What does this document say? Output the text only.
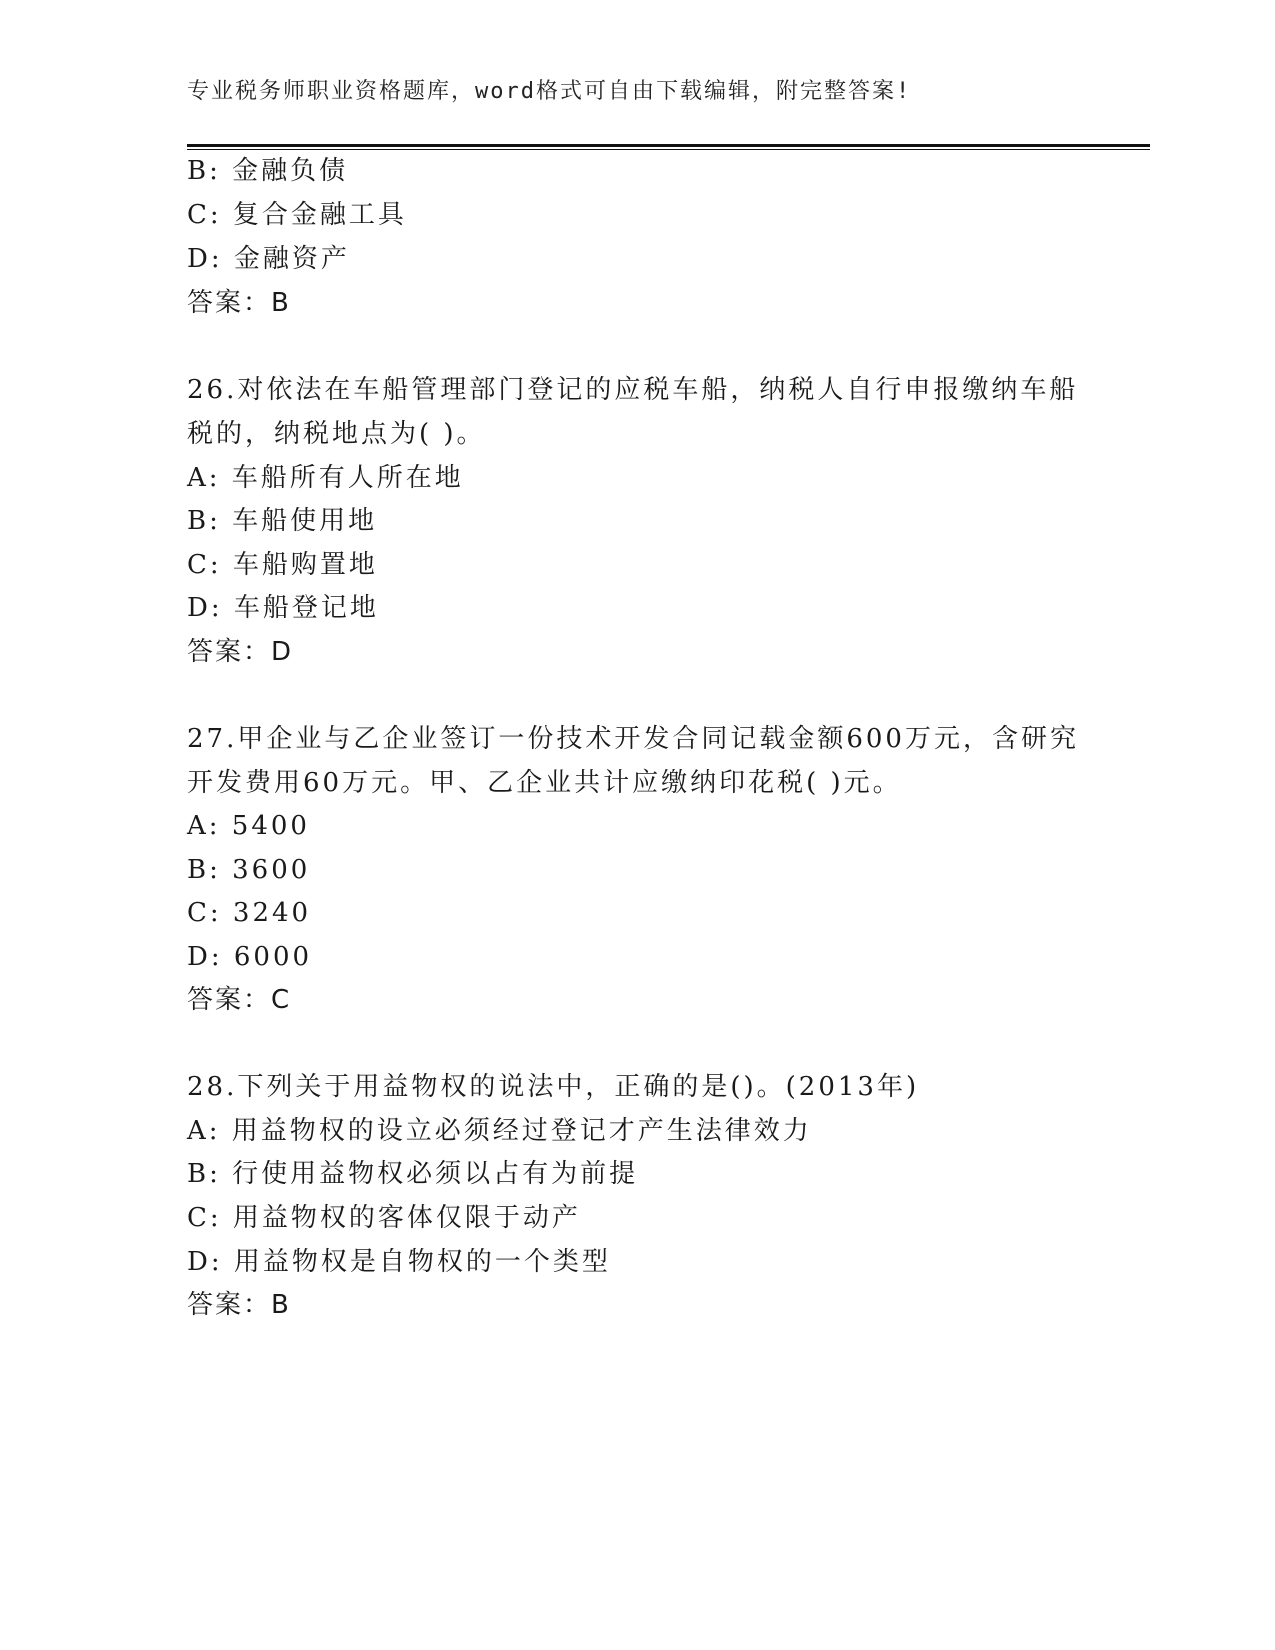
专业税务师职业资格题库，word格式可自由下载编辑，附完整答案!
B: 金融负债
C: 复合金融工具
D: 金融资产
答案：B
26.对依法在车船管理部门登记的应税车船，纳税人自行申报缴纳车船
税的，纳税地点为( )。
A: 车船所有人所在地
B: 车船使用地
C: 车船购置地
D: 车船登记地
答案：D
27.甲企业与乙企业签订一份技术开发合同记载金额600万元，含研究
开发费用60万元。甲、乙企业共计应缴纳印花税( )元。
A: 5400
B: 3600
C: 3240
D: 6000
答案：C
28.下列关于用益物权的说法中，正确的是()。(2013年)
A: 用益物权的设立必须经过登记才产生法律效力
B: 行使用益物权必须以占有为前提
C: 用益物权的客体仅限于动产
D: 用益物权是自物权的一个类型
答案：B
